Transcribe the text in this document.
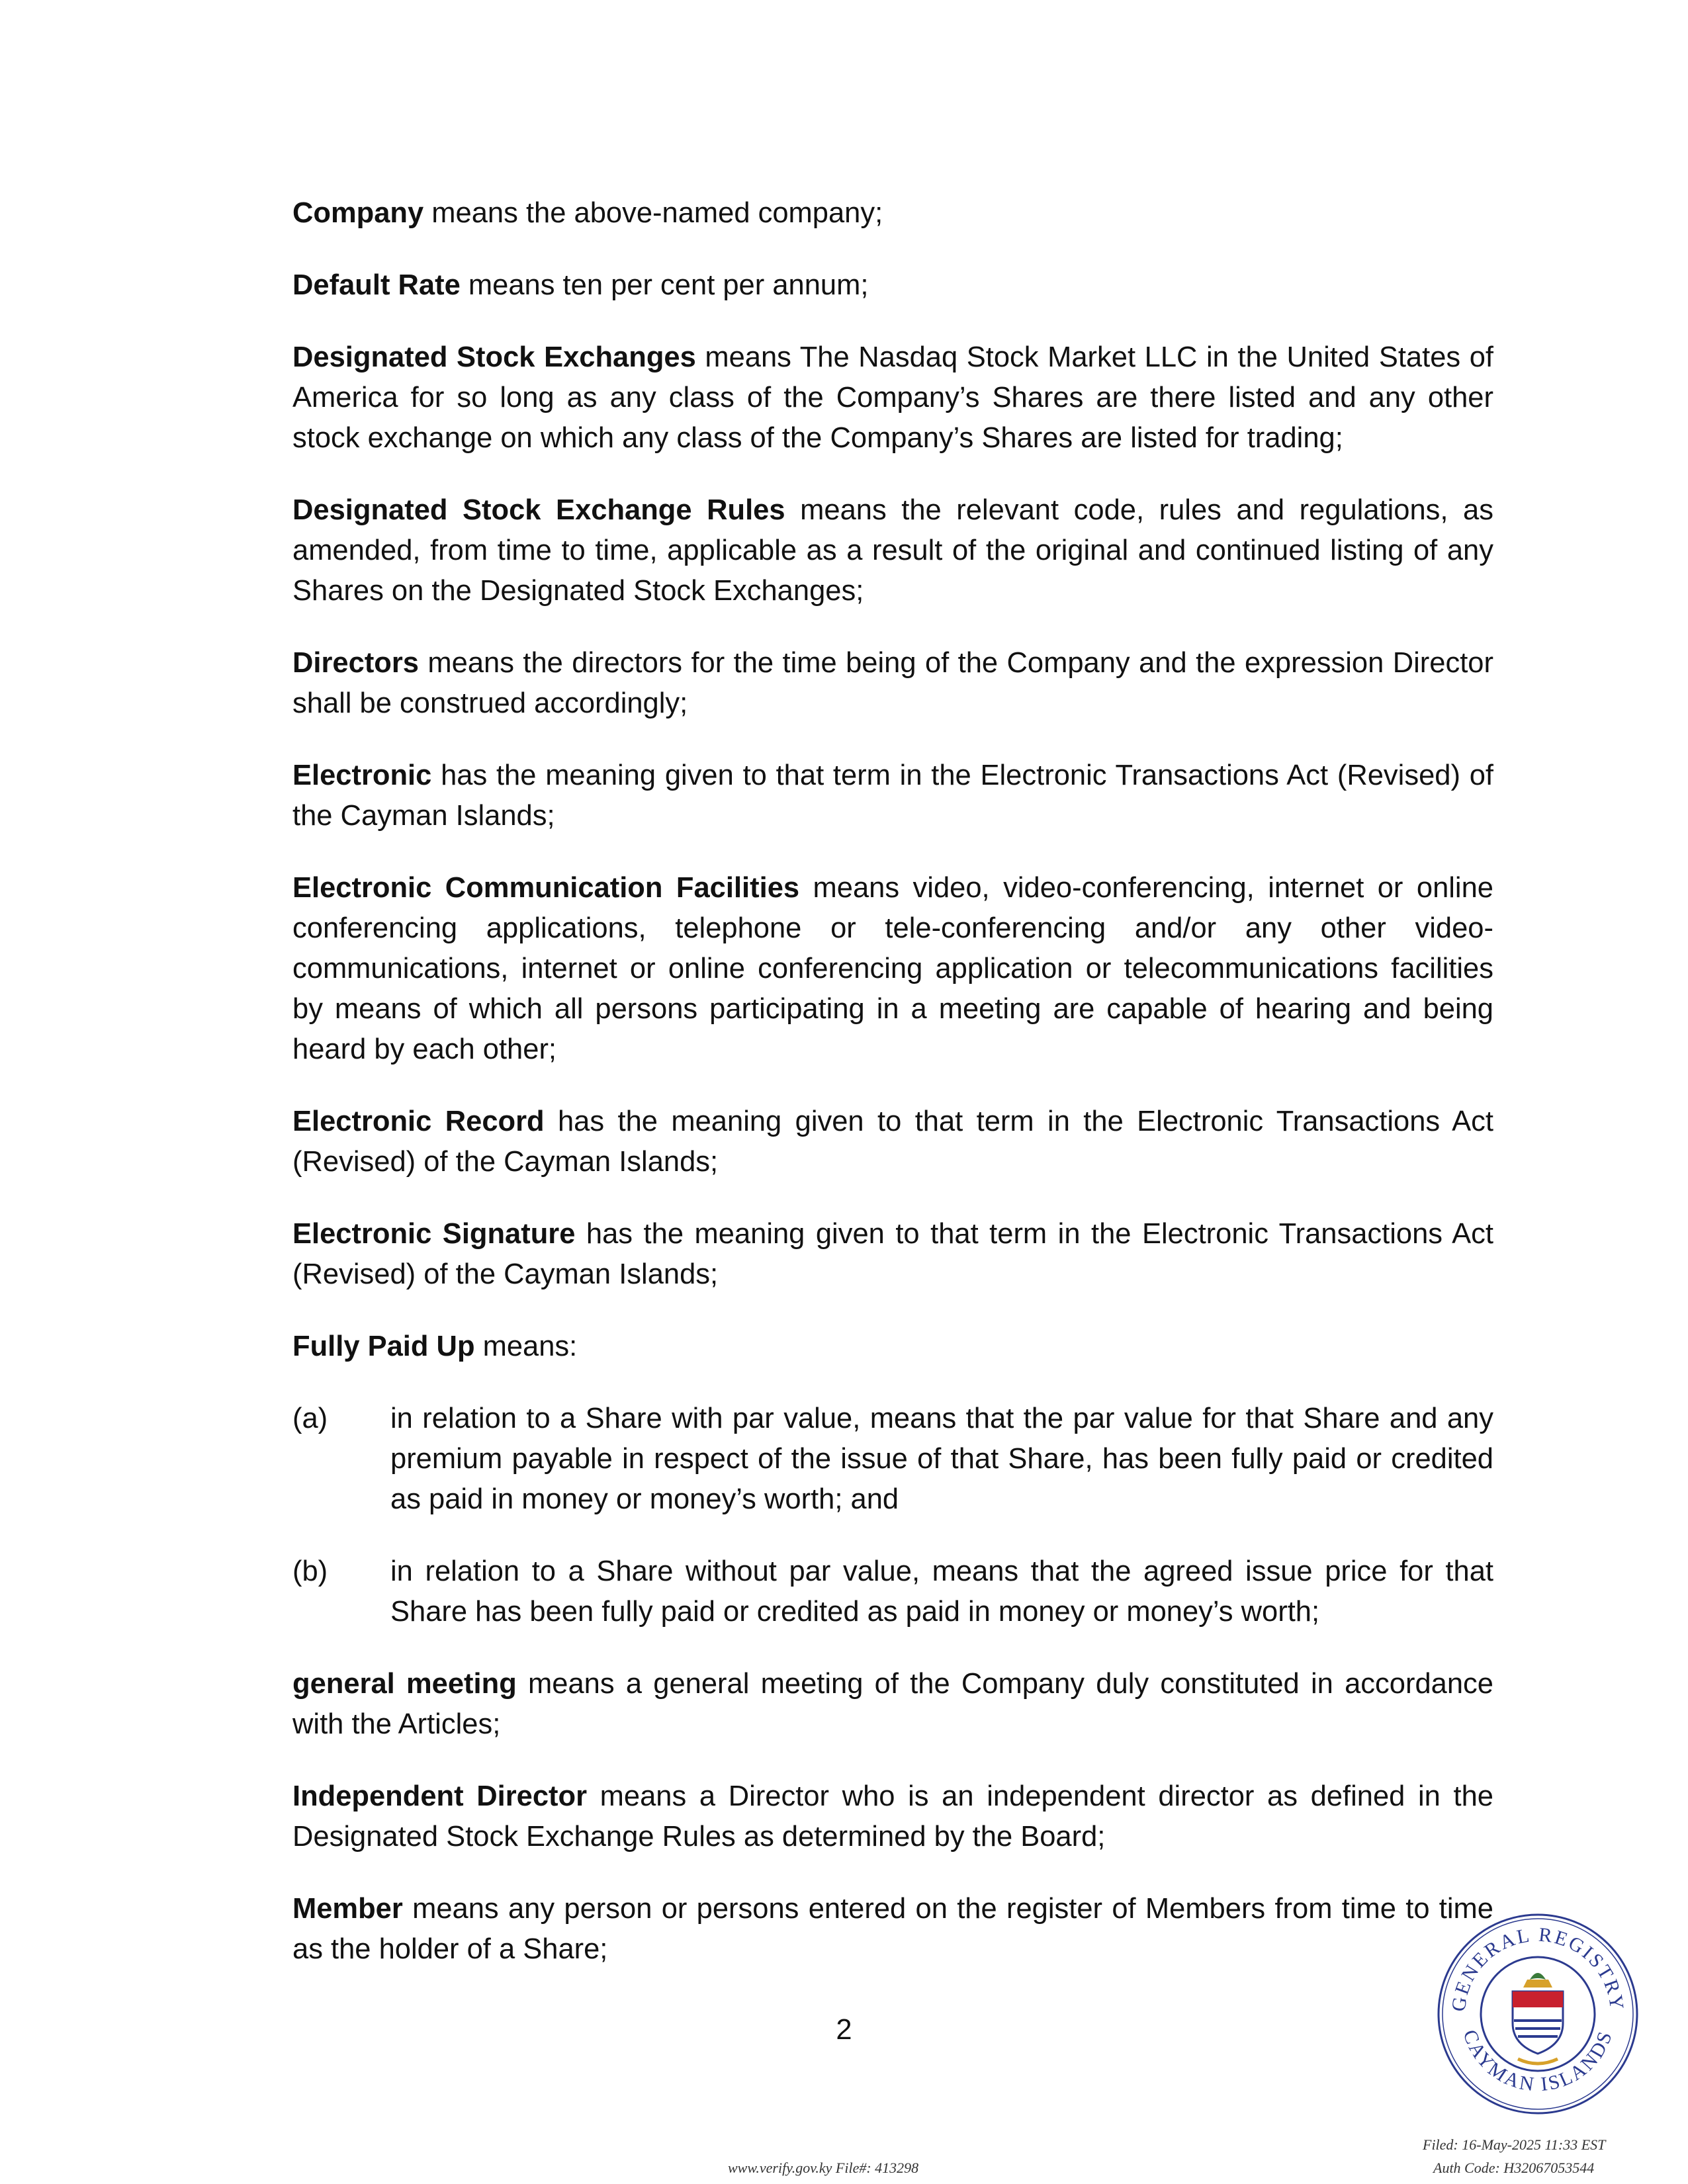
Company means the above-named company;

Default Rate means ten per cent per annum;

Designated Stock Exchanges means The Nasdaq Stock Market LLC in the United States of America for so long as any class of the Company’s Shares are there listed and any other stock exchange on which any class of the Company’s Shares are listed for trading;

Designated Stock Exchange Rules means the relevant code, rules and regulations, as amended, from time to time, applicable as a result of the original and continued listing of any Shares on the Designated Stock Exchanges;

Directors means the directors for the time being of the Company and the expression Director shall be construed accordingly;

Electronic has the meaning given to that term in the Electronic Transactions Act (Revised) of the Cayman Islands;

Electronic Communication Facilities means video, video-conferencing, internet or online conferencing applications, telephone or tele-conferencing and/or any other video-communications, internet or online conferencing application or telecommunications facilities by means of which all persons participating in a meeting are capable of hearing and being heard by each other;

Electronic Record has the meaning given to that term in the Electronic Transactions Act (Revised) of the Cayman Islands;

Electronic Signature has the meaning given to that term in the Electronic Transactions Act (Revised) of the Cayman Islands;

Fully Paid Up means:

(a) in relation to a Share with par value, means that the par value for that Share and any premium payable in respect of the issue of that Share, has been fully paid or credited as paid in money or money’s worth; and
(b) in relation to a Share without par value, means that the agreed issue price for that Share has been fully paid or credited as paid in money or money’s worth;

general meeting means a general meeting of the Company duly constituted in accordance with the Articles;

Independent Director means a Director who is an independent director as defined in the Designated Stock Exchange Rules as determined by the Board;

Member means any person or persons entered on the register of Members from time to time as the holder of a Share;

2
GENERAL REGISTRY
CAYMAN ISLANDS
www.verify.gov.ky File#: 413298
Filed: 16-May-2025 11:33 EST
Auth Code: H32067053544
